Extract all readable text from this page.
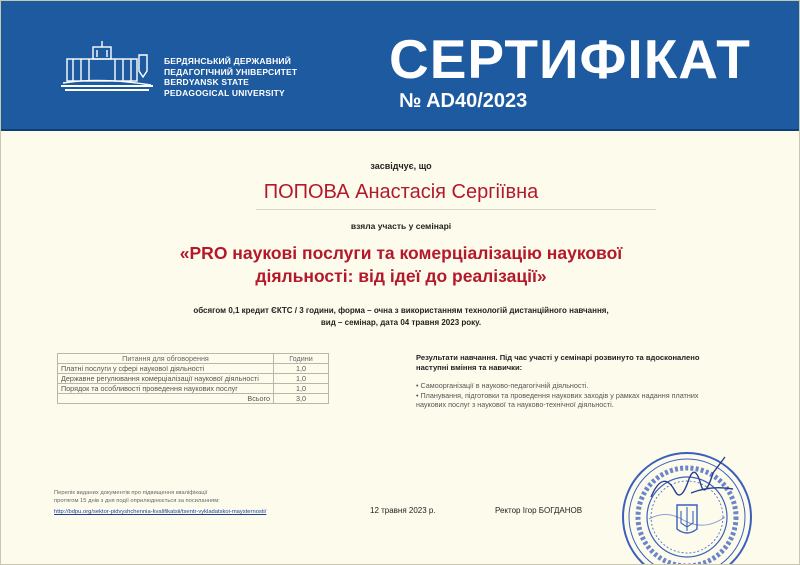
БЕРДЯНСЬКИЙ ДЕРЖАВНИЙ
ПЕДАГОГІЧНИЙ УНІВЕРСИТЕТ
BERDYANSK STATE
PEDAGOGICAL UNIVERSITY
СЕРТИФІКАТ
№ AD40/2023
засвідчує, що
ПОПОВА Анастасія Сергіївна
взяла участь у семінарі
«PRO наукові послуги та комерціалізацію наукової
діяльності: від ідеї до реалізації»
обсягом 0,1 кредит ЄКТС / 3 години, форма – очна з використанням технологій дистанційного навчання,
вид – семінар, дата 04 травня 2023 року.
Питання для обговорення	Години
Платні послуги у сфері наукової діяльності	1,0
Державне регулювання комерціалізації наукової діяльності	1,0
Порядок та особливості проведення наукових послуг	1,0
Всього	3,0
Результати навчання. Під час участі у семінарі розвинуто та вдосконалено наступні вміння та навички:
• Самоорганізації в науково-педагогічній діяльності.
• Планування, підготовки та проведення наукових заходів у рамках надання платних наукових послуг з наукової та науково-технічної діяльності.
Перелік виданих документів про підвищення кваліфікації
протягом 15 днів з дня події оприлюднюється за посиланням:
http://bdpu.org/sektor-pidvyshchennia-kvalifikatsii/tsentr-vykladatskoi-maysternosti/	12 травня 2023 р.	Ректор Ігор БОГДАНОВ
